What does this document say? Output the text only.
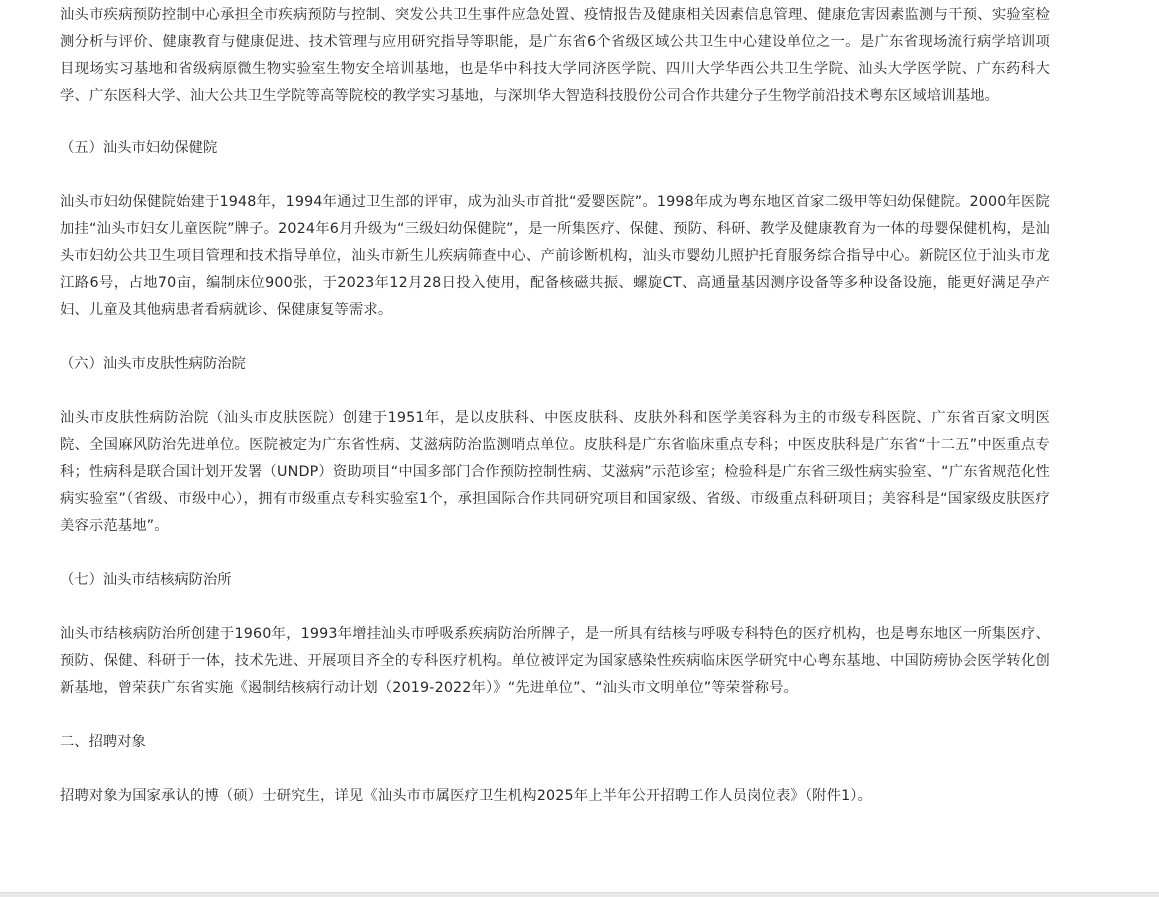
汕头市疾病预防控制中心承担全市疾病预防与控制、突发公共卫生事件应急处置、疫情报告及健康相关因素信息管理、健康危害因素监测与干预、实验室检测分析与评价、健康教育与健康促进、技术管理与应用研究指导等职能，是广东省6个省级区域公共卫生中心建设单位之一。是广东省现场流行病学培训项目现场实习基地和省级病原微生物实验室生物安全培训基地，也是华中科技大学同济医学院、四川大学华西公共卫生学院、汕头大学医学院、广东药科大学、广东医科大学、汕大公共卫生学院等高等院校的教学实习基地，与深圳华大智造科技股份公司合作共建分子生物学前沿技术粤东区域培训基地。

（五）汕头市妇幼保健院

汕头市妇幼保健院始建于1948年，1994年通过卫生部的评审，成为汕头市首批“爱婴医院”。1998年成为粤东地区首家二级甲等妇幼保健院。2000年医院加挂“汕头市妇女儿童医院”牌子。2024年6月升级为“三级妇幼保健院”，是一所集医疗、保健、预防、科研、教学及健康教育为一体的母婴保健机构，是汕头市妇幼公共卫生项目管理和技术指导单位，汕头市新生儿疾病筛查中心、产前诊断机构，汕头市婴幼儿照护托育服务综合指导中心。新院区位于汕头市龙江路6号，占地70亩，编制床位900张，于2023年12月28日投入使用，配备核磁共振、螺旋CT、高通量基因测序设备等多种设备设施，能更好满足孕产妇、儿童及其他病患者看病就诊、保健康复等需求。

（六）汕头市皮肤性病防治院

汕头市皮肤性病防治院（汕头市皮肤医院）创建于1951年，是以皮肤科、中医皮肤科、皮肤外科和医学美容科为主的市级专科医院、广东省百家文明医院、全国麻风防治先进单位。医院被定为广东省性病、艾滋病防治监测哨点单位。皮肤科是广东省临床重点专科；中医皮肤科是广东省“十二五”中医重点专科；性病科是联合国计划开发署（UNDP）资助项目“中国多部门合作预防控制性病、艾滋病”示范诊室；检验科是广东省三级性病实验室、“广东省规范化性病实验室”（省级、市级中心），拥有市级重点专科实验室1个，承担国际合作共同研究项目和国家级、省级、市级重点科研项目；美容科是“国家级皮肤医疗美容示范基地”。

（七）汕头市结核病防治所

汕头市结核病防治所创建于1960年，1993年增挂汕头市呼吸系疾病防治所牌子，是一所具有结核与呼吸专科特色的医疗机构，也是粤东地区一所集医疗、预防、保健、科研于一体，技术先进、开展项目齐全的专科医疗机构。单位被评定为国家感染性疾病临床医学研究中心粤东基地、中国防痨协会医学转化创新基地，曾荣获广东省实施《遏制结核病行动计划（2019-2022年）》“先进单位”、“汕头市文明单位”等荣誉称号。

二、招聘对象

招聘对象为国家承认的博（硕）士研究生，详见《汕头市市属医疗卫生机构2025年上半年公开招聘工作人员岗位表》（附件1）。
